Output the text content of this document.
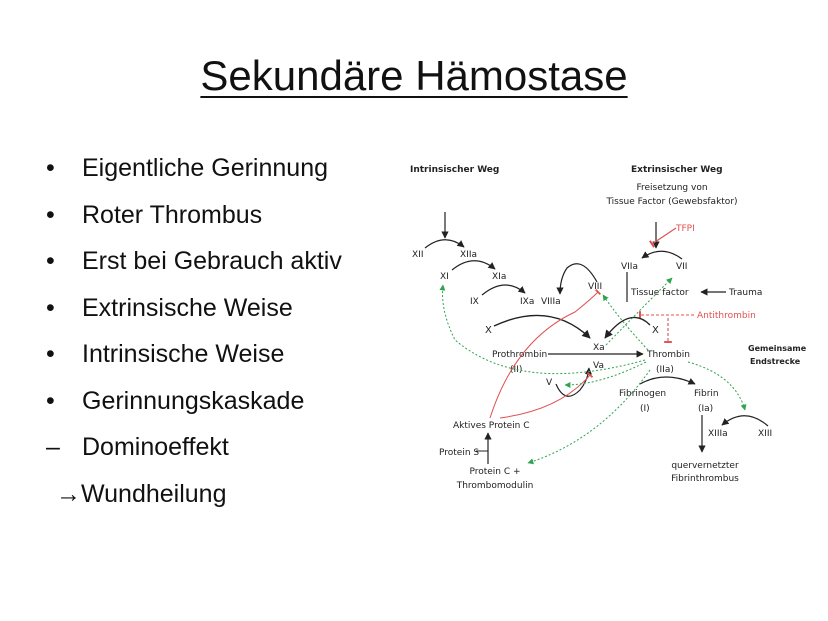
Sekundäre Hämostase
•	Eigentliche Gerinnung
•	Roter Thrombus
•	Erst bei Gebrauch aktiv
•	Extrinsische Weise
•	Intrinsische Weise
•	Gerinnungskaskade
– Dominoeffekt
→ Wundheilung
Intrinsischer Weg	Extrinsischer Weg
Freisetzung von
Tissue Factor (Gewebsfaktor)
XII	XIIa
XI	XIa
IX	IXa VIIIa
VIII
TFPI
VIIa	VII
Tissue factor	Trauma
Antithrombin
X	X
Xa
Va
Prothrombin
(II)
Thrombin
(IIa)
Gemeinsame
Endstrecke
V
Fibrinogen
(I)
Fibrin
(Ia)
XIIIa	XIII
quervernetzter
Fibrinthrombus
Aktives Protein C
Protein S
Protein C +
Thrombomodulin
